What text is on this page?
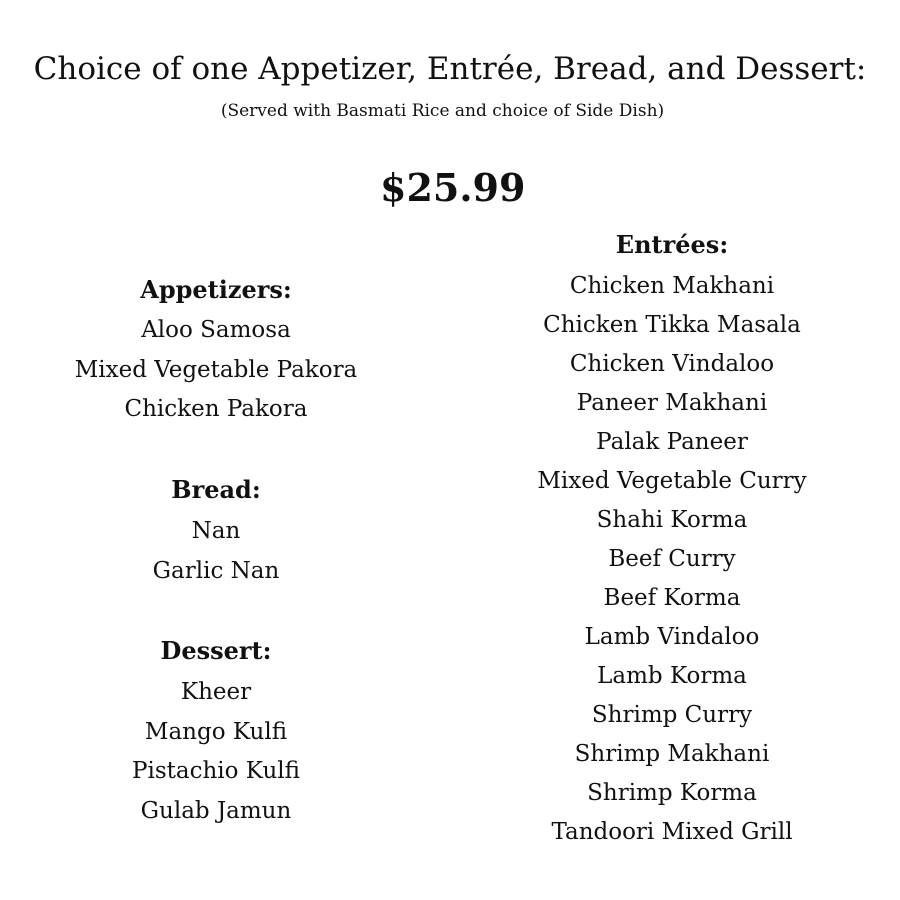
Choice of one Appetizer, Entrée, Bread, and Dessert:
(Served with Basmati Rice and choice of Side Dish)
$25.99
Appetizers:
Aloo Samosa
Mixed Vegetable Pakora
Chicken Pakora
Bread:
Nan
Garlic Nan
Dessert:
Kheer
Mango Kulfi
Pistachio Kulfi
Gulab Jamun
Entrées:
Chicken Makhani
Chicken Tikka Masala
Chicken Vindaloo
Paneer Makhani
Palak Paneer
Mixed Vegetable Curry
Shahi Korma
Beef Curry
Beef Korma
Lamb Vindaloo
Lamb Korma
Shrimp Curry
Shrimp Makhani
Shrimp Korma
Tandoori Mixed Grill
